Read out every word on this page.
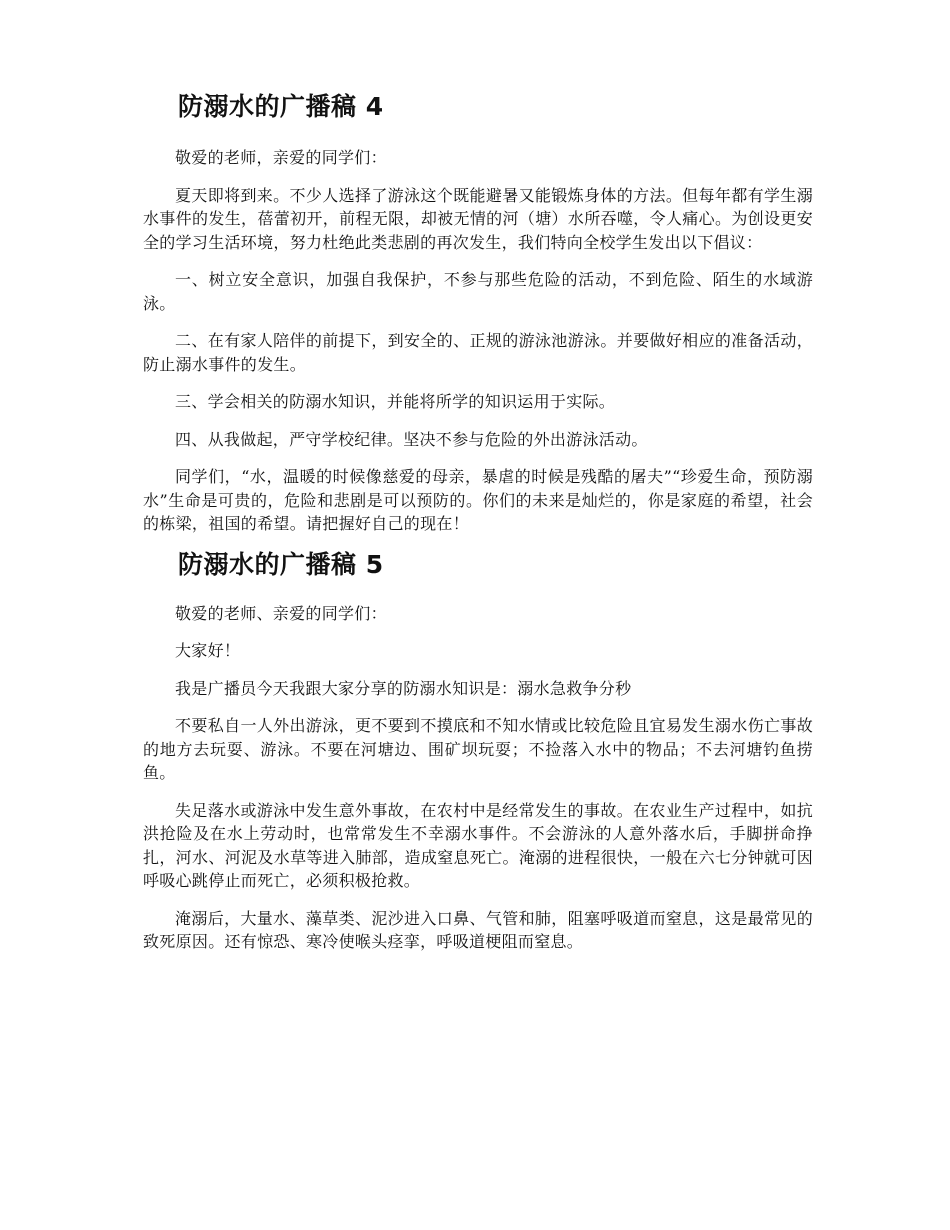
防溺水的广播稿 4

敬爱的老师，亲爱的同学们：

夏天即将到来。不少人选择了游泳这个既能避暑又能锻炼身体的方法。但每年都有学生溺水事件的发生，蓓蕾初开，前程无限，却被无情的河（塘）水所吞噬，令人痛心。为创设更安全的学习生活环境，努力杜绝此类悲剧的再次发生，我们特向全校学生发出以下倡议：

一、树立安全意识，加强自我保护，不参与那些危险的活动，不到危险、陌生的水域游泳。

二、在有家人陪伴的前提下，到安全的、正规的游泳池游泳。并要做好相应的准备活动，防止溺水事件的发生。

三、学会相关的防溺水知识，并能将所学的知识运用于实际。

四、从我做起，严守学校纪律。坚决不参与危险的外出游泳活动。

同学们，“水，温暖的时候像慈爱的母亲，暴虐的时候是残酷的屠夫”“珍爱生命，预防溺水”生命是可贵的，危险和悲剧是可以预防的。你们的未来是灿烂的，你是家庭的希望，社会的栋梁，祖国的希望。请把握好自己的现在！

防溺水的广播稿 5

敬爱的老师、亲爱的同学们：

大家好！

我是广播员今天我跟大家分享的防溺水知识是：溺水急救争分秒

不要私自一人外出游泳，更不要到不摸底和不知水情或比较危险且宜易发生溺水伤亡事故的地方去玩耍、游泳。不要在河塘边、围矿坝玩耍；不捡落入水中的物品；不去河塘钓鱼捞鱼。

失足落水或游泳中发生意外事故，在农村中是经常发生的事故。在农业生产过程中，如抗洪抢险及在水上劳动时，也常常发生不幸溺水事件。不会游泳的人意外落水后，手脚拼命挣扎，河水、河泥及水草等进入肺部，造成窒息死亡。淹溺的进程很快，一般在六七分钟就可因呼吸心跳停止而死亡，必须积极抢救。

淹溺后，大量水、藻草类、泥沙进入口鼻、气管和肺，阻塞呼吸道而窒息，这是最常见的致死原因。还有惊恐、寒冷使喉头痉挛，呼吸道梗阻而窒息。
